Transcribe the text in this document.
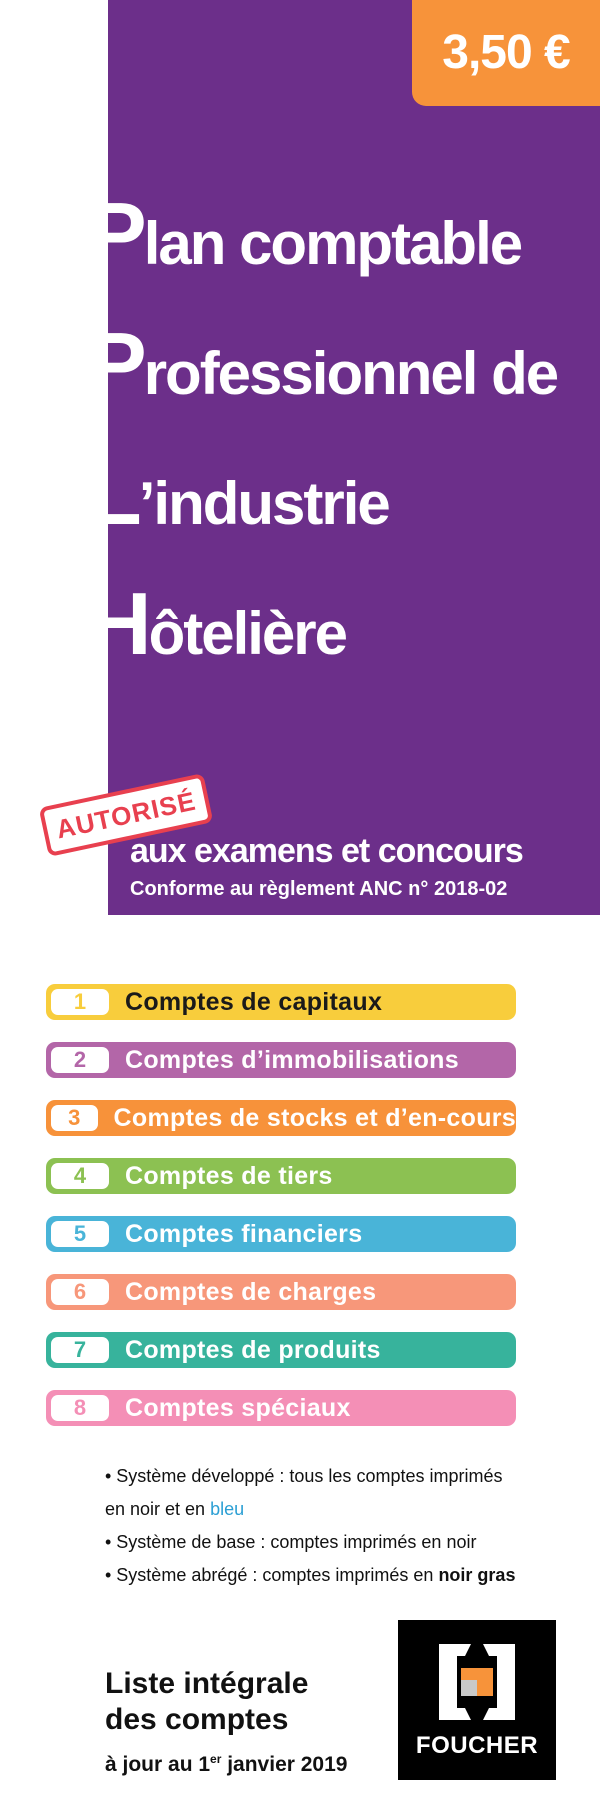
3,50 €
Plan comptable
Professionnel de
L’industrie
Hôtelière
AUTORISÉ
aux examens et concours
Conforme au règlement ANC n° 2018-02
1	Comptes de capitaux
2	Comptes d’immobilisations
3	Comptes de stocks et d’en-cours
4	Comptes de tiers
5	Comptes financiers
6	Comptes de charges
7	Comptes de produits
8	Comptes spéciaux
• Système développé : tous les comptes imprimés
en noir et en bleu
• Système de base : comptes imprimés en noir
• Système abrégé : comptes imprimés en noir gras
Liste intégrale
des comptes
à jour au 1er janvier 2019
FOUCHER
